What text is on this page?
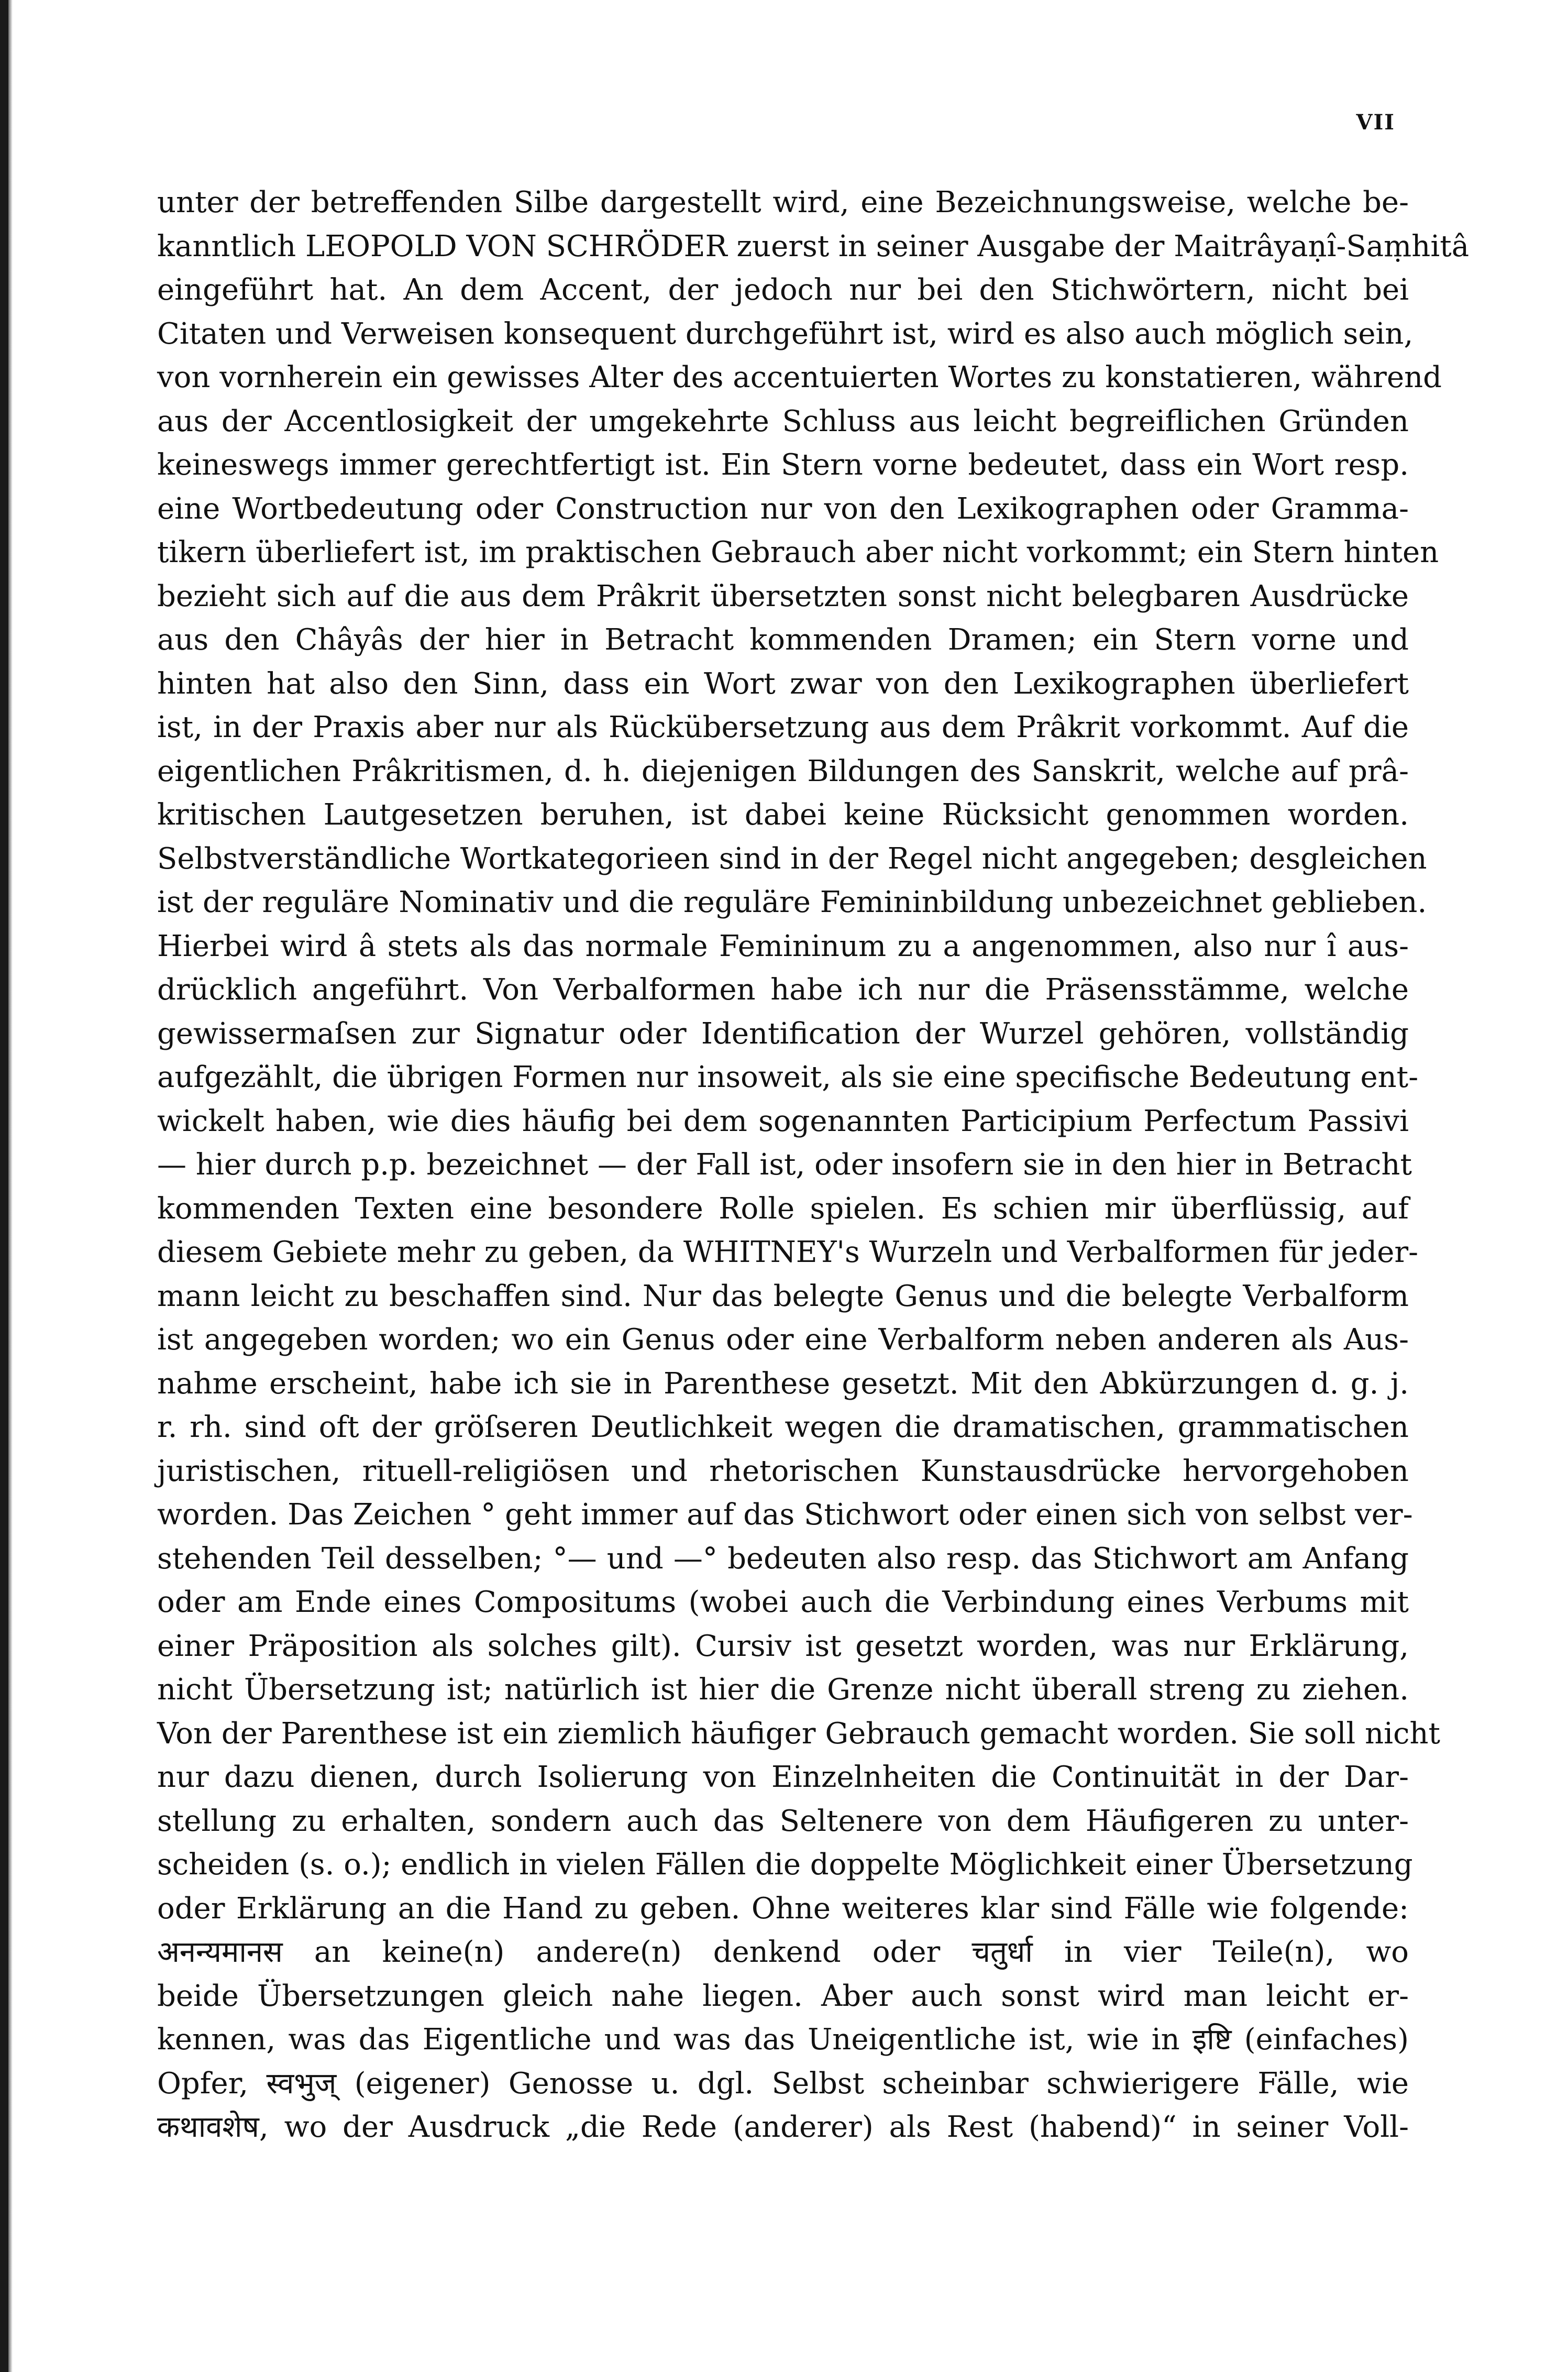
VII
unter der betreffenden Silbe dargestellt wird, eine Bezeichnungsweise, welche be-
kanntlich LEOPOLD VON SCHRÖDER zuerst in seiner Ausgabe der Maitrâyaṇî-Saṃhitâ
eingeführt hat. An dem Accent, der jedoch nur bei den Stichwörtern, nicht bei
Citaten und Verweisen konsequent durchgeführt ist, wird es also auch möglich sein,
von vornherein ein gewisses Alter des accentuierten Wortes zu konstatieren, während
aus der Accentlosigkeit der umgekehrte Schluss aus leicht begreiflichen Gründen
keineswegs immer gerechtfertigt ist. Ein Stern vorne bedeutet, dass ein Wort resp.
eine Wortbedeutung oder Construction nur von den Lexikographen oder Gramma-
tikern überliefert ist, im praktischen Gebrauch aber nicht vorkommt; ein Stern hinten
bezieht sich auf die aus dem Prâkrit übersetzten sonst nicht belegbaren Ausdrücke
aus den Châyâs der hier in Betracht kommenden Dramen; ein Stern vorne und
hinten hat also den Sinn, dass ein Wort zwar von den Lexikographen überliefert
ist, in der Praxis aber nur als Rückübersetzung aus dem Prâkrit vorkommt. Auf die
eigentlichen Prâkritismen, d. h. diejenigen Bildungen des Sanskrit, welche auf prâ-
kritischen Lautgesetzen beruhen, ist dabei keine Rücksicht genommen worden.
Selbstverständliche Wortkategorieen sind in der Regel nicht angegeben; desgleichen
ist der reguläre Nominativ und die reguläre Femininbildung unbezeichnet geblieben.
Hierbei wird â stets als das normale Femininum zu a angenommen, also nur î aus-
drücklich angeführt. Von Verbalformen habe ich nur die Präsensstämme, welche
gewissermaſsen zur Signatur oder Identification der Wurzel gehören, vollständig
aufgezählt, die übrigen Formen nur insoweit, als sie eine specifische Bedeutung ent-
wickelt haben, wie dies häufig bei dem sogenannten Participium Perfectum Passivi
— hier durch p.p. bezeichnet — der Fall ist, oder insofern sie in den hier in Betracht
kommenden Texten eine besondere Rolle spielen. Es schien mir überflüssig, auf
diesem Gebiete mehr zu geben, da WHITNEY's Wurzeln und Verbalformen für jeder-
mann leicht zu beschaffen sind. Nur das belegte Genus und die belegte Verbalform
ist angegeben worden; wo ein Genus oder eine Verbalform neben anderen als Aus-
nahme erscheint, habe ich sie in Parenthese gesetzt. Mit den Abkürzungen d. g. j.
r. rh. sind oft der gröſseren Deutlichkeit wegen die dramatischen, grammatischen
juristischen, rituell-religiösen und rhetorischen Kunstausdrücke hervorgehoben
worden. Das Zeichen ° geht immer auf das Stichwort oder einen sich von selbst ver-
stehenden Teil desselben; °— und —° bedeuten also resp. das Stichwort am Anfang
oder am Ende eines Compositums (wobei auch die Verbindung eines Verbums mit
einer Präposition als solches gilt). Cursiv ist gesetzt worden, was nur Erklärung,
nicht Übersetzung ist; natürlich ist hier die Grenze nicht überall streng zu ziehen.
Von der Parenthese ist ein ziemlich häufiger Gebrauch gemacht worden. Sie soll nicht
nur dazu dienen, durch Isolierung von Einzelnheiten die Continuität in der Dar-
stellung zu erhalten, sondern auch das Seltenere von dem Häufigeren zu unter-
scheiden (s. o.); endlich in vielen Fällen die doppelte Möglichkeit einer Übersetzung
oder Erklärung an die Hand zu geben. Ohne weiteres klar sind Fälle wie folgende:
अनन्यमानस an keine(n) andere(n) denkend oder चतुर्धा in vier Teile(n), wo
beide Übersetzungen gleich nahe liegen. Aber auch sonst wird man leicht er-
kennen, was das Eigentliche und was das Uneigentliche ist, wie in इष्टि (einfaches)
Opfer, स्वभुज् (eigener) Genosse u. dgl. Selbst scheinbar schwierigere Fälle, wie
कथावशेष, wo der Ausdruck „die Rede (anderer) als Rest (habend)“ in seiner Voll-
